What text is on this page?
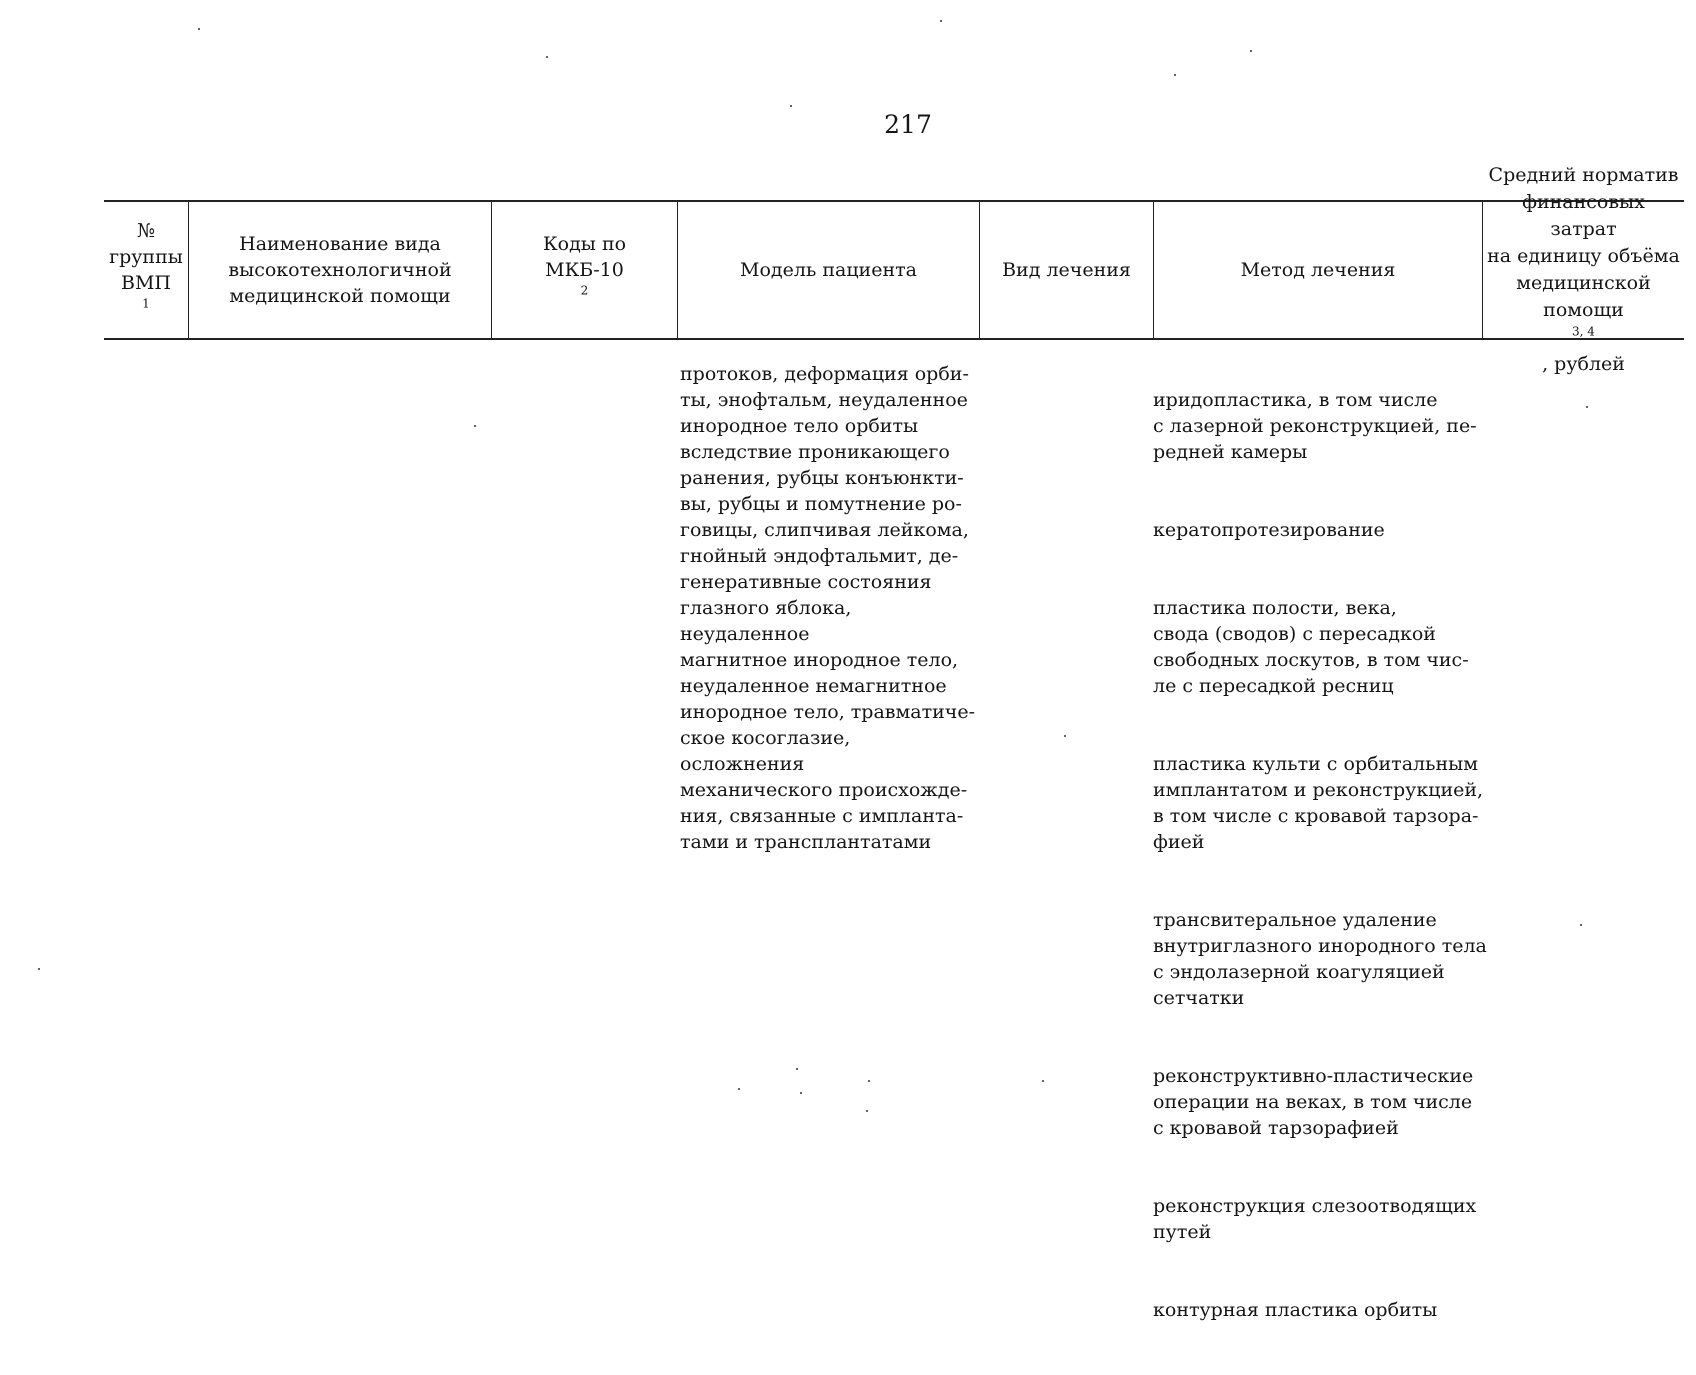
217
№
группы
ВМП
$^1$
Наименование вида
высокотехнологичной
медицинской помощи
Коды по
МКБ-10
$^2$
Модель пациента	Вид лечения	Метод лечения
Средний норматив
финансовых затрат
на единицу объёма
медицинской
помощи
$^{3, 4}$
, рублей
протоков, деформация орби-
ты, энофтальм, неудаленное
инородное тело орбиты
вследствие проникающего
ранения, рубцы конъюнкти-
вы, рубцы и помутнение ро-
говицы, слипчивая лейкома,
гнойный эндофтальмит, де-
генеративные состояния
глазного яблока, неудаленное
магнитное инородное тело,
неудаленное немагнитное
инородное тело, травматиче-
ское косоглазие, осложнения
механического происхожде-
ния, связанные с импланта-
тами и трансплантатами

иридопластика, в том числе
с лазерной реконструкцией, пе-
редней камеры

кератопротезирование

пластика полости, века,
свода (сводов) с пересадкой
свободных лоскутов, в том чис-
ле с пересадкой ресниц

пластика культи с орбитальным
имплантатом и реконструкцией,
в том числе с кровавой тарзора-
фией

трансвитеральное удаление
внутриглазного инородного тела
с эндолазерной коагуляцией
сетчатки

реконструктивно-пластические
операции на веках, в том числе
с кровавой тарзорафией

реконструкция слезоотводящих
путей

контурная пластика орбиты
